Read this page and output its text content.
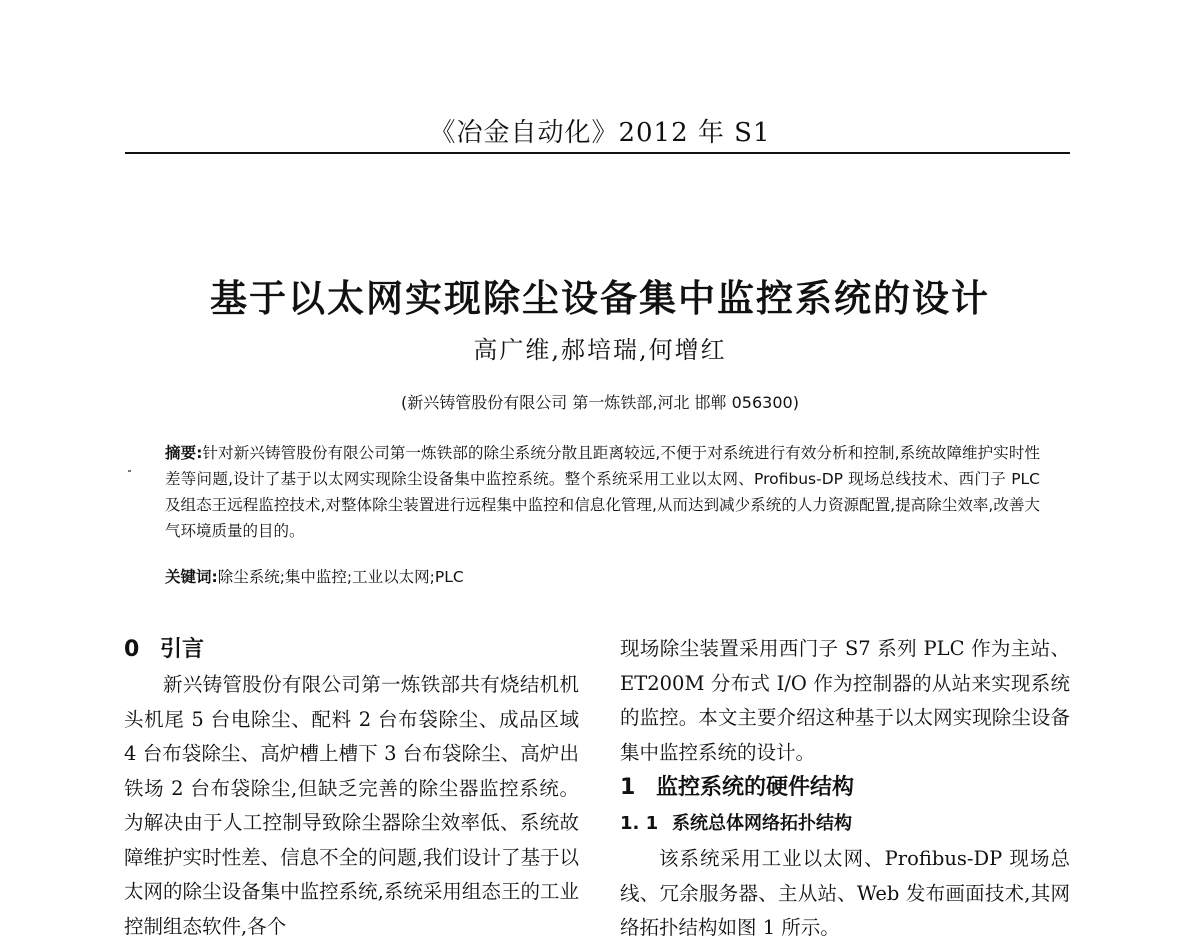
《冶金自动化》2012 年 S1
基于以太网实现除尘设备集中监控系统的设计
高广维,郝培瑞,何增红
(新兴铸管股份有限公司 第一炼铁部,河北 邯郸 056300)
摘要:针对新兴铸管股份有限公司第一炼铁部的除尘系统分散且距离较远,不便于对系统进行有效分析和控制,系统故障维护实时性差等问题,设计了基于以太网实现除尘设备集中监控系统。整个系统采用工业以太网、Profibus-DP 现场总线技术、西门子 PLC 及组态王远程监控技术,对整体除尘装置进行远程集中监控和信息化管理,从而达到减少系统的人力资源配置,提高除尘效率,改善大气环境质量的目的。
关键词:除尘系统;集中监控;工业以太网;PLC
0 引言

新兴铸管股份有限公司第一炼铁部共有烧结机机头机尾 5 台电除尘、配料 2 台布袋除尘、成品区域 4 台布袋除尘、高炉槽上槽下 3 台布袋除尘、高炉出铁场 2 台布袋除尘,但缺乏完善的除尘器监控系统。为解决由于人工控制导致除尘器除尘效率低、系统故障维护实时性差、信息不全的问题,我们设计了基于以太网的除尘设备集中监控系统,系统采用组态王的工业控制组态软件,各个

现场除尘装置采用西门子 S7 系列 PLC 作为主站、ET200M 分布式 I/O 作为控制器的从站来实现系统的监控。本文主要介绍这种基于以太网实现除尘设备集中监控系统的设计。

1 监控系统的硬件结构
1. 1 系统总体网络拓扑结构

该系统采用工业以太网、Profibus-DP 现场总线、冗余服务器、主从站、Web 发布画面技术,其网络拓扑结构如图 1 所示。
